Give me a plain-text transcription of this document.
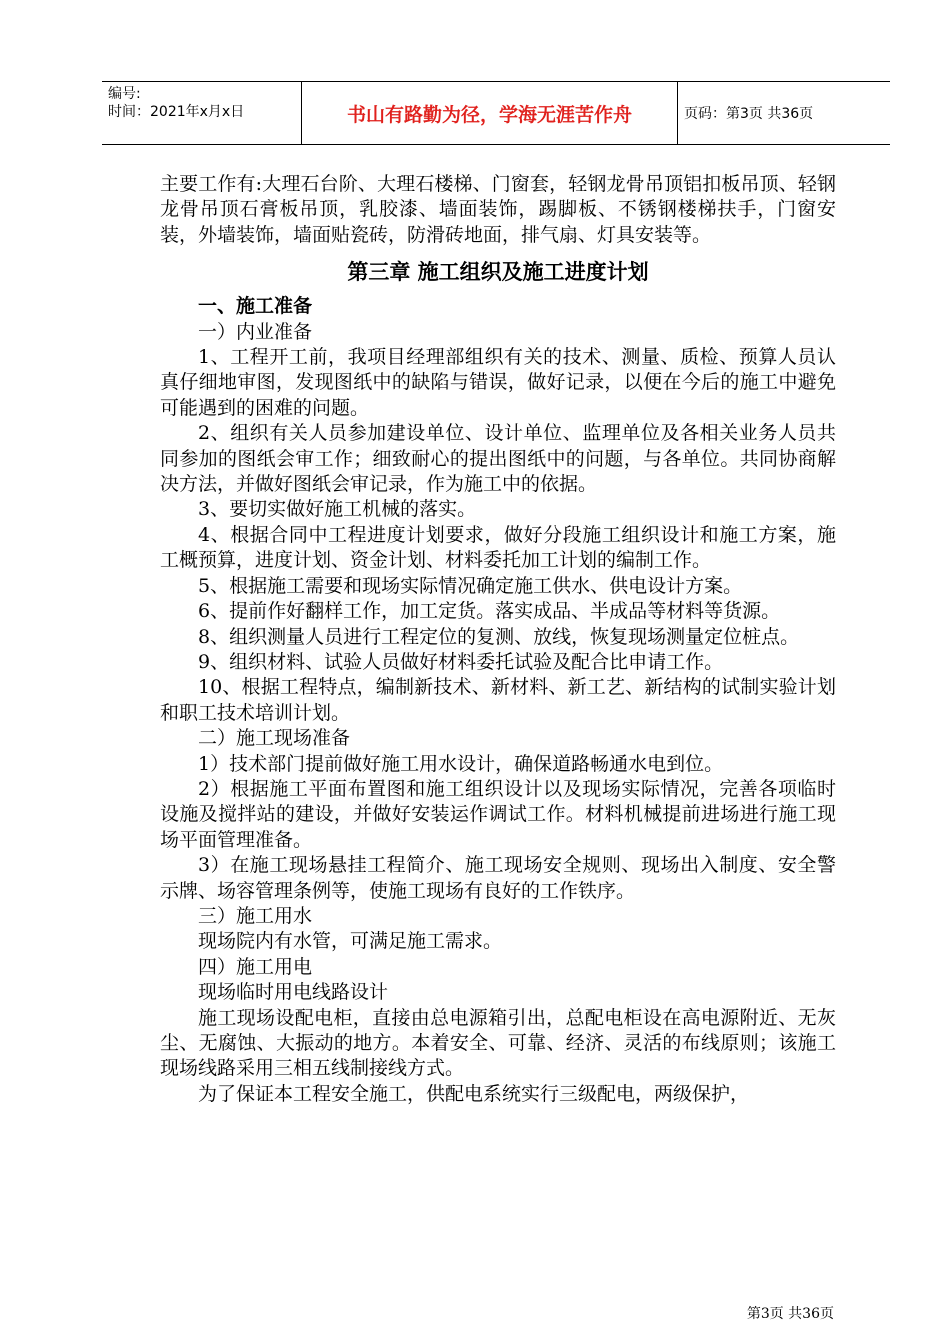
编号:
时间：2021年x月x日	书山有路勤为径，学海无涯苦作舟	页码：第3页 共36页

主要工作有:大理石台阶、大理石楼梯、门窗套，轻钢龙骨吊顶铝扣板吊顶、轻钢龙骨吊顶石膏板吊顶，乳胶漆、墙面装饰，踢脚板、不锈钢楼梯扶手，门窗安装，外墙装饰，墙面贴瓷砖，防滑砖地面，排气扇、灯具安装等。

第三章 施工组织及施工进度计划

一、施工准备

一）内业准备

1、工程开工前，我项目经理部组织有关的技术、测量、质检、预算人员认真仔细地审图，发现图纸中的缺陷与错误，做好记录，以便在今后的施工中避免可能遇到的困难的问题。

2、组织有关人员参加建设单位、设计单位、监理单位及各相关业务人员共同参加的图纸会审工作；细致耐心的提出图纸中的问题，与各单位。共同协商解决方法，并做好图纸会审记录，作为施工中的依据。

3、要切实做好施工机械的落实。

4、根据合同中工程进度计划要求，做好分段施工组织设计和施工方案，施工概预算，进度计划、资金计划、材料委托加工计划的编制工作。

5、根据施工需要和现场实际情况确定施工供水、供电设计方案。

6、提前作好翻样工作，加工定货。落实成品、半成品等材料等货源。

8、组织测量人员进行工程定位的复测、放线，恢复现场测量定位桩点。

9、组织材料、试验人员做好材料委托试验及配合比申请工作。

10、根据工程特点，编制新技术、新材料、新工艺、新结构的试制实验计划和职工技术培训计划。

二）施工现场准备

1）技术部门提前做好施工用水设计，确保道路畅通水电到位。

2）根据施工平面布置图和施工组织设计以及现场实际情况，完善各项临时设施及搅拌站的建设，并做好安装运作调试工作。材料机械提前进场进行施工现场平面管理准备。

3）在施工现场悬挂工程简介、施工现场安全规则、现场出入制度、安全警示牌、场容管理条例等，使施工现场有良好的工作铁序。

三）施工用水

现场院内有水管，可满足施工需求。

四）施工用电

现场临时用电线路设计

施工现场设配电柜，直接由总电源箱引出，总配电柜设在高电源附近、无灰尘、无腐蚀、大振动的地方。本着安全、可靠、经济、灵活的布线原则；该施工现场线路采用三相五线制接线方式。

为了保证本工程安全施工，供配电系统实行三级配电，两级保护，

第3页 共36页
